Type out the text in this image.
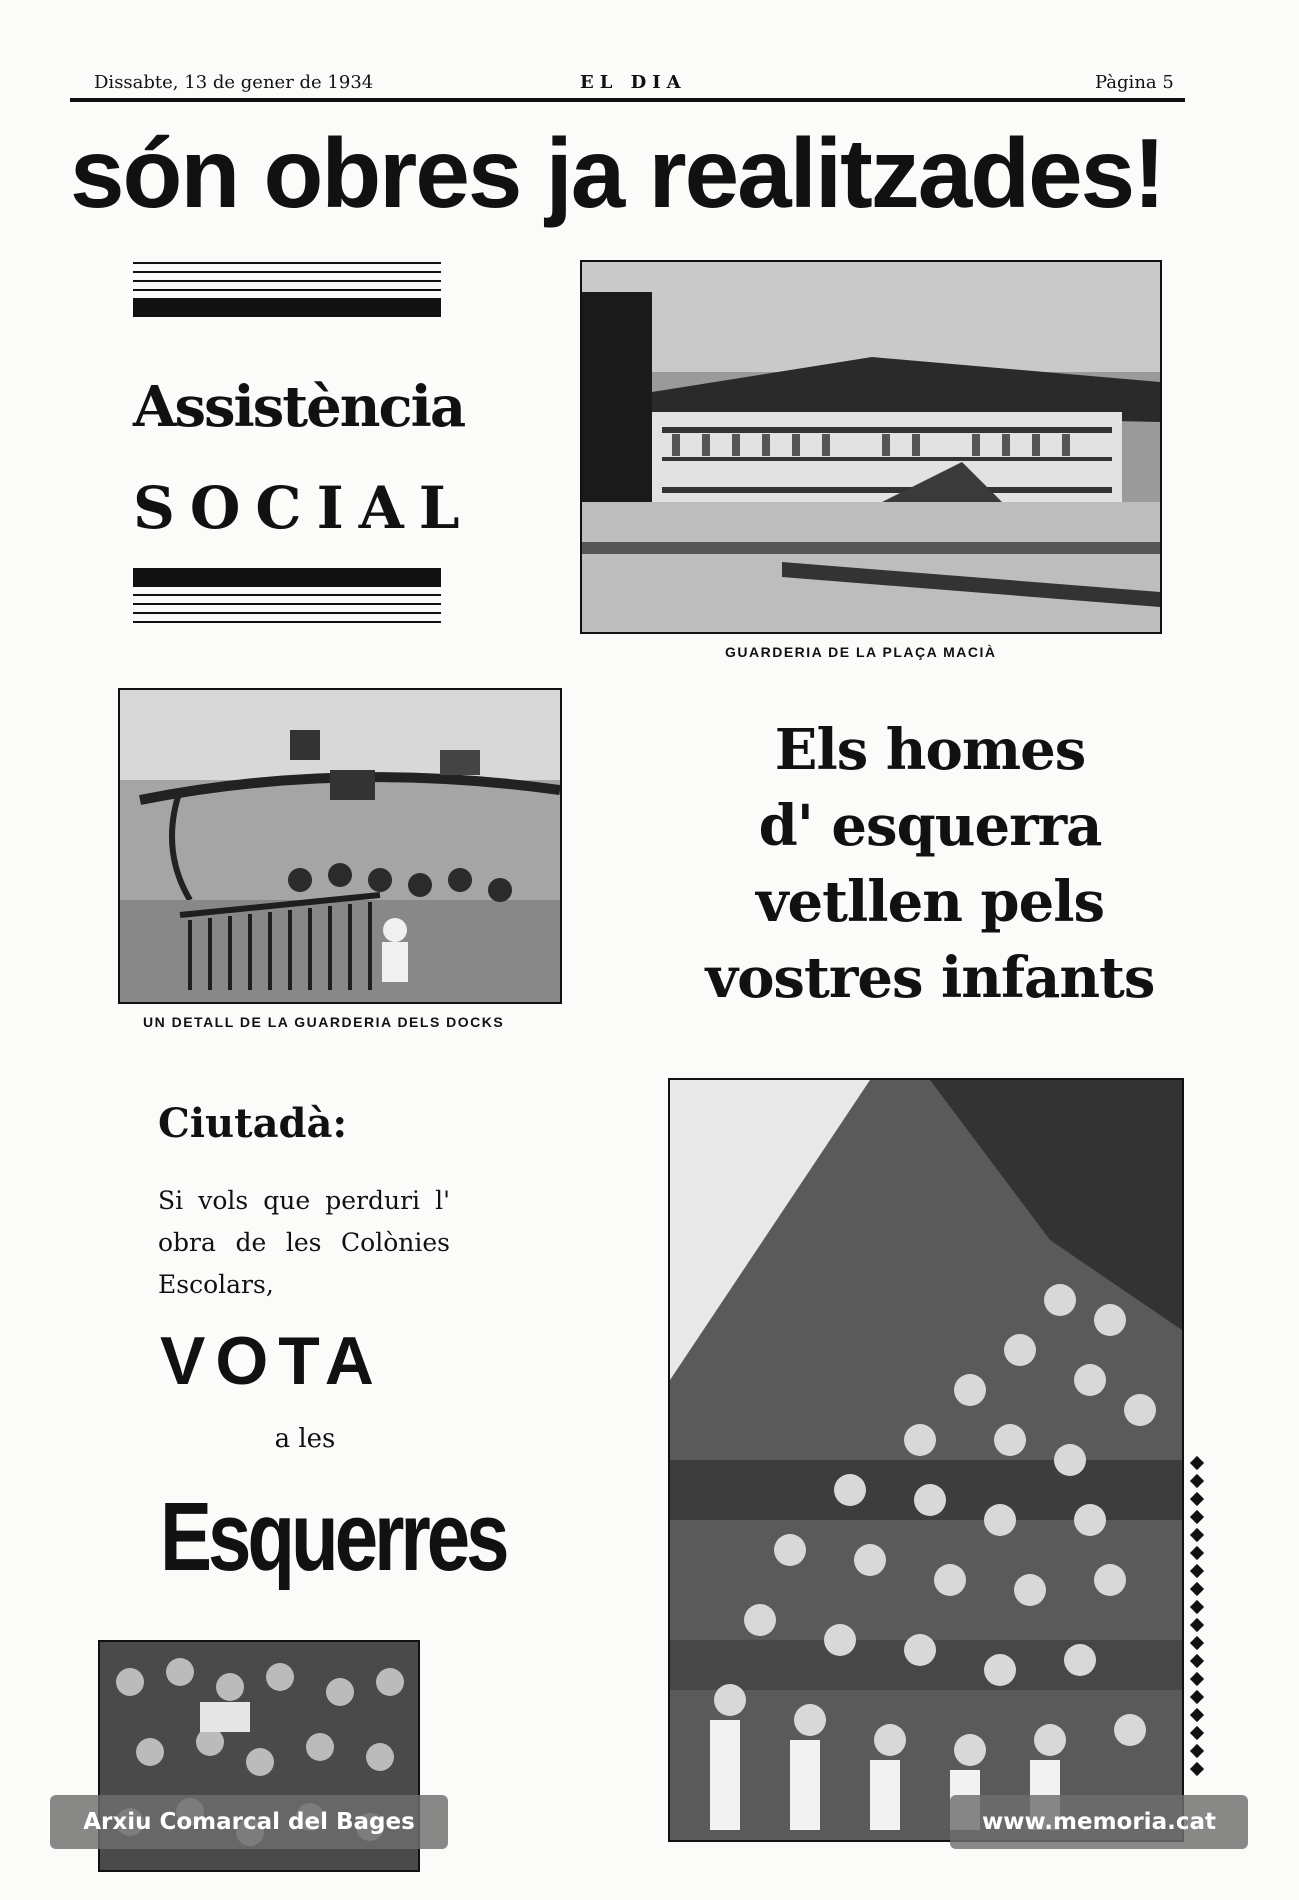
Dissabte, 13 de gener de 1934	EL DIA	Pàgina 5
són obres ja realitzades!
Assistència
SOCIAL
GUARDERIA DE LA PLAÇA MACIÀ
UN DETALL DE LA GUARDERIA DELS DOCKS
Els homes
d' esquerra
vetllen pels
vostres infants
Ciutadà:
Si vols que perduri l' obra de les Colònies Escolars,
VOTA
a les
Esquerres
Arxiu Comarcal del Bages	www.memoria.cat
